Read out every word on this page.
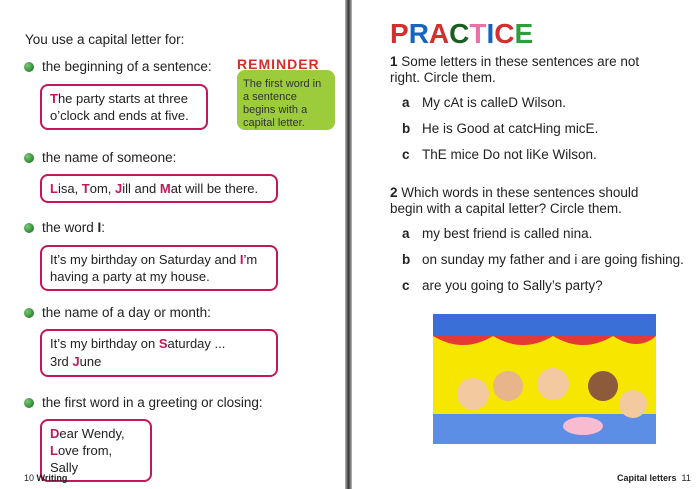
You use a capital letter for:
the beginning of a sentence:
The party starts at three
o’clock and ends at five.
The first word in a sentence begins with a capital letter.
REMINDER
the name of someone:
Lisa, Tom, Jill and Mat will be there.
the word I:
It’s my birthday on Saturday and I’m
having a party at my house.
the name of a day or month:
It’s my birthday on Saturday ...
3rd June
the first word in a greeting or closing:
Dear Wendy,
Love from, Sally
10 Writing
PRACTICE
1 Some letters in these sentences are not right. Circle them.
a My cAt is calleD Wilson.
b He is Good at catcHing micE.
c ThE mice Do not liKe Wilson.
2 Which words in these sentences should begin with a capital letter? Circle them.
a my best friend is called nina.
b on sunday my father and i are going fishing.
c are you going to Sally’s party?
Capital letters 11
